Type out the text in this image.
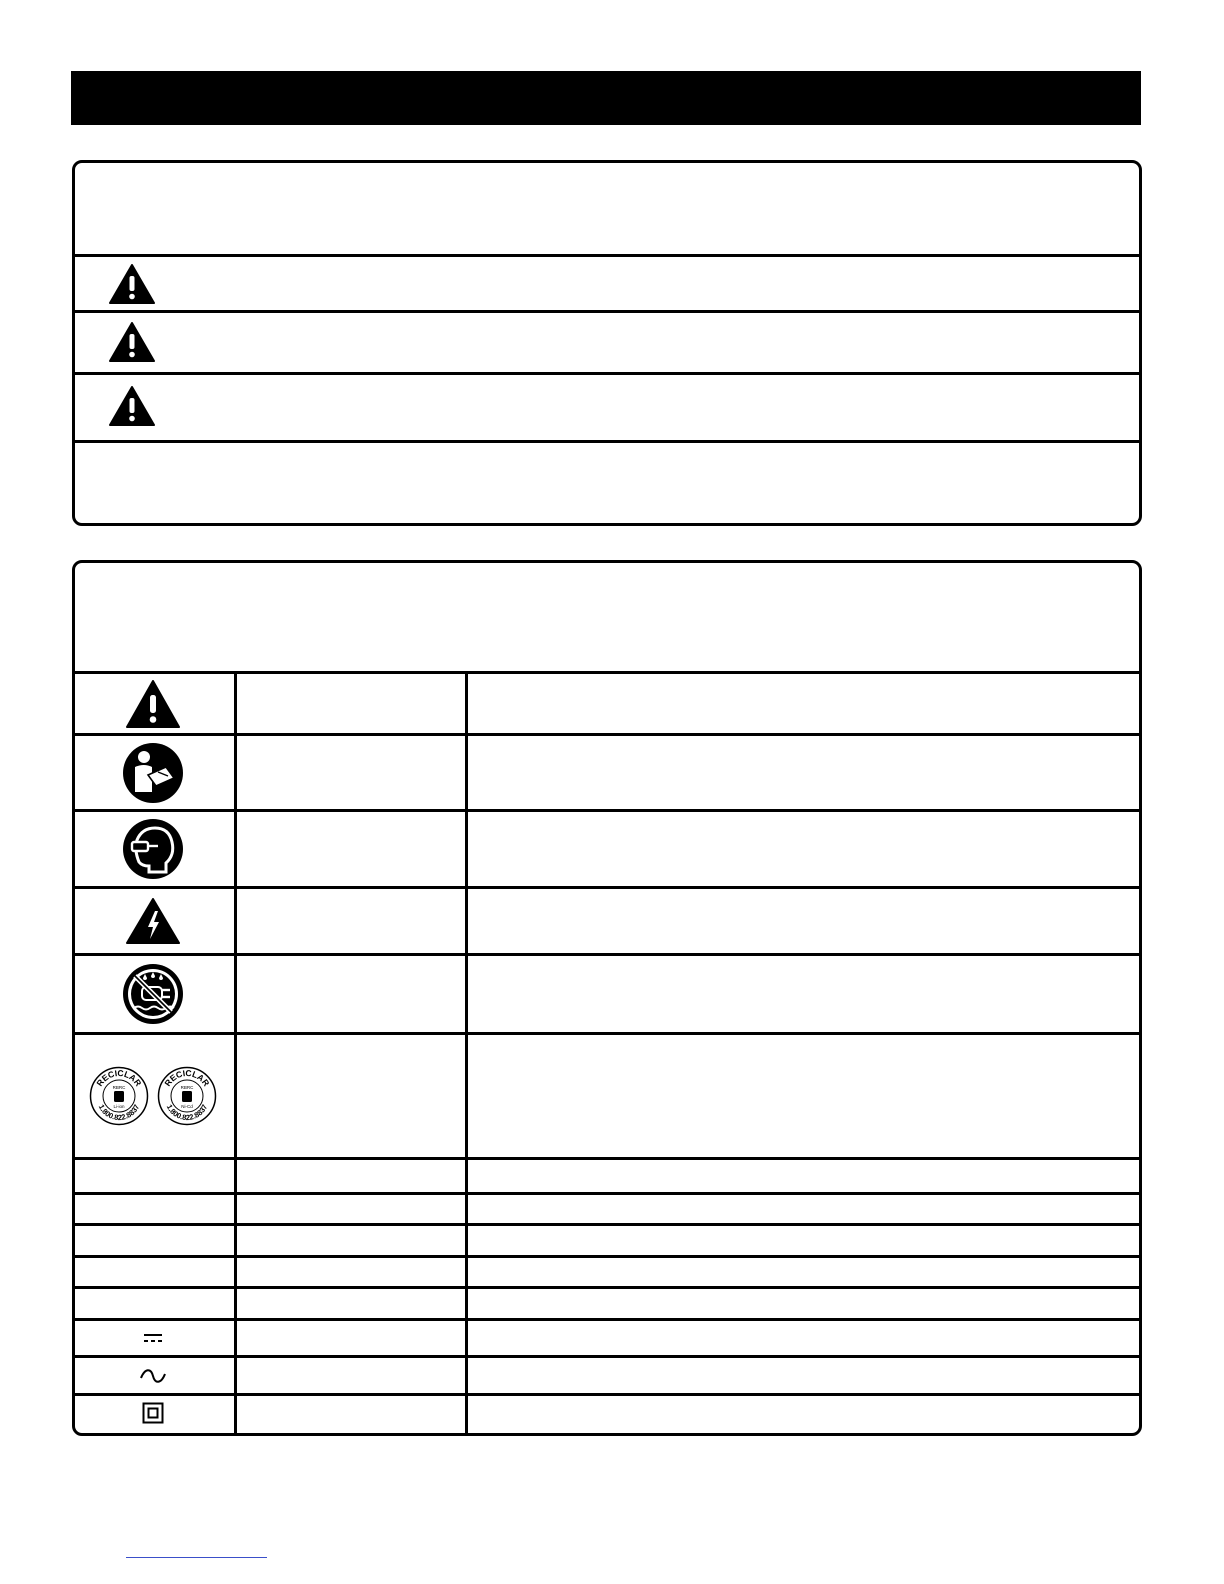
RECICLAR
RBRC
Li-ion
1.800.822.8837
RECICLAR
RBRC
Ni-Cd
1.800.822.8837
